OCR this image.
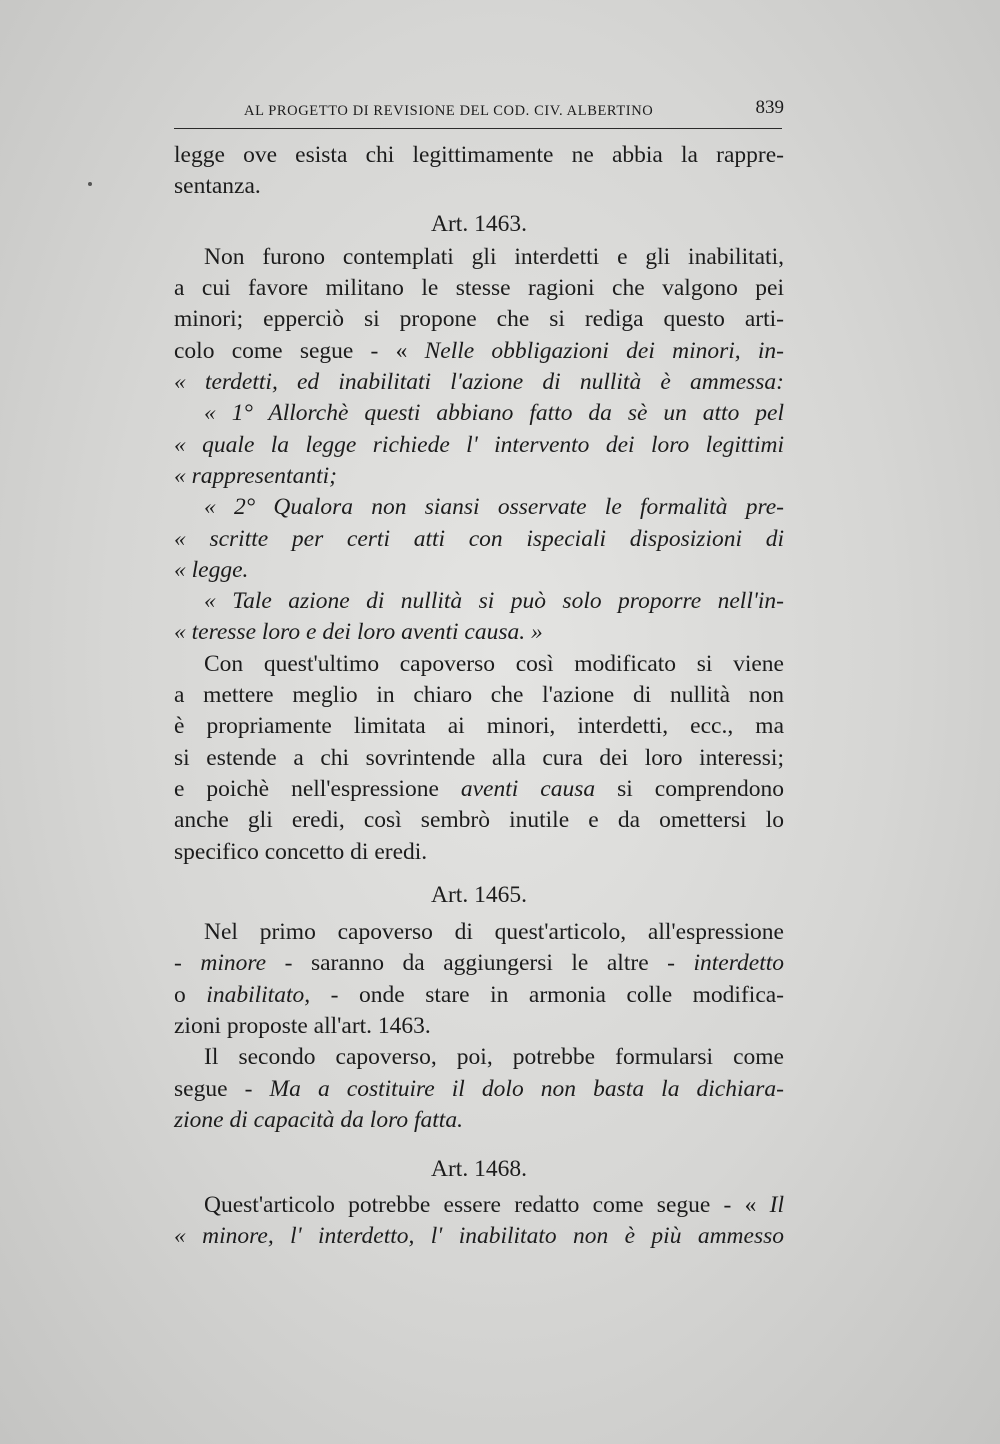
AL PROGETTO DI REVISIONE DEL COD. CIV. ALBERTINO	839

legge ove esista chi legittimamente ne abbia la rappre-

sentanza.

Art. 1463.

Non furono contemplati gli interdetti e gli inabilitati,

a cui favore militano le stesse ragioni che valgono pei

minori; epperciò si propone che si rediga questo arti-

colo come segue - « Nelle obbligazioni dei minori, in-

« terdetti, ed inabilitati l'azione di nullità è ammessa:

« 1° Allorchè questi abbiano fatto da sè un atto pel

« quale la legge richiede l' intervento dei loro legittimi

« rappresentanti;

« 2° Qualora non siansi osservate le formalità pre-

« scritte per certi atti con ispeciali disposizioni di

« legge.

« Tale azione di nullità si può solo proporre nell'in-

« teresse loro e dei loro aventi causa. »

Con quest'ultimo capoverso così modificato si viene

a mettere meglio in chiaro che l'azione di nullità non

è propriamente limitata ai minori, interdetti, ecc., ma

si estende a chi sovrintende alla cura dei loro interessi;

e poichè nell'espressione aventi causa si comprendono

anche gli eredi, così sembrò inutile e da omettersi lo

specifico concetto di eredi.

Art. 1465.

Nel primo capoverso di quest'articolo, all'espressione

- minore - saranno da aggiungersi le altre - interdetto

o inabilitato, - onde stare in armonia colle modifica-

zioni proposte all'art. 1463.

Il secondo capoverso, poi, potrebbe formularsi come

segue - Ma a costituire il dolo non basta la dichiara-

zione di capacità da loro fatta.

Art. 1468.

Quest'articolo potrebbe essere redatto come segue - « Il

« minore, l' interdetto, l' inabilitato non è più ammesso
